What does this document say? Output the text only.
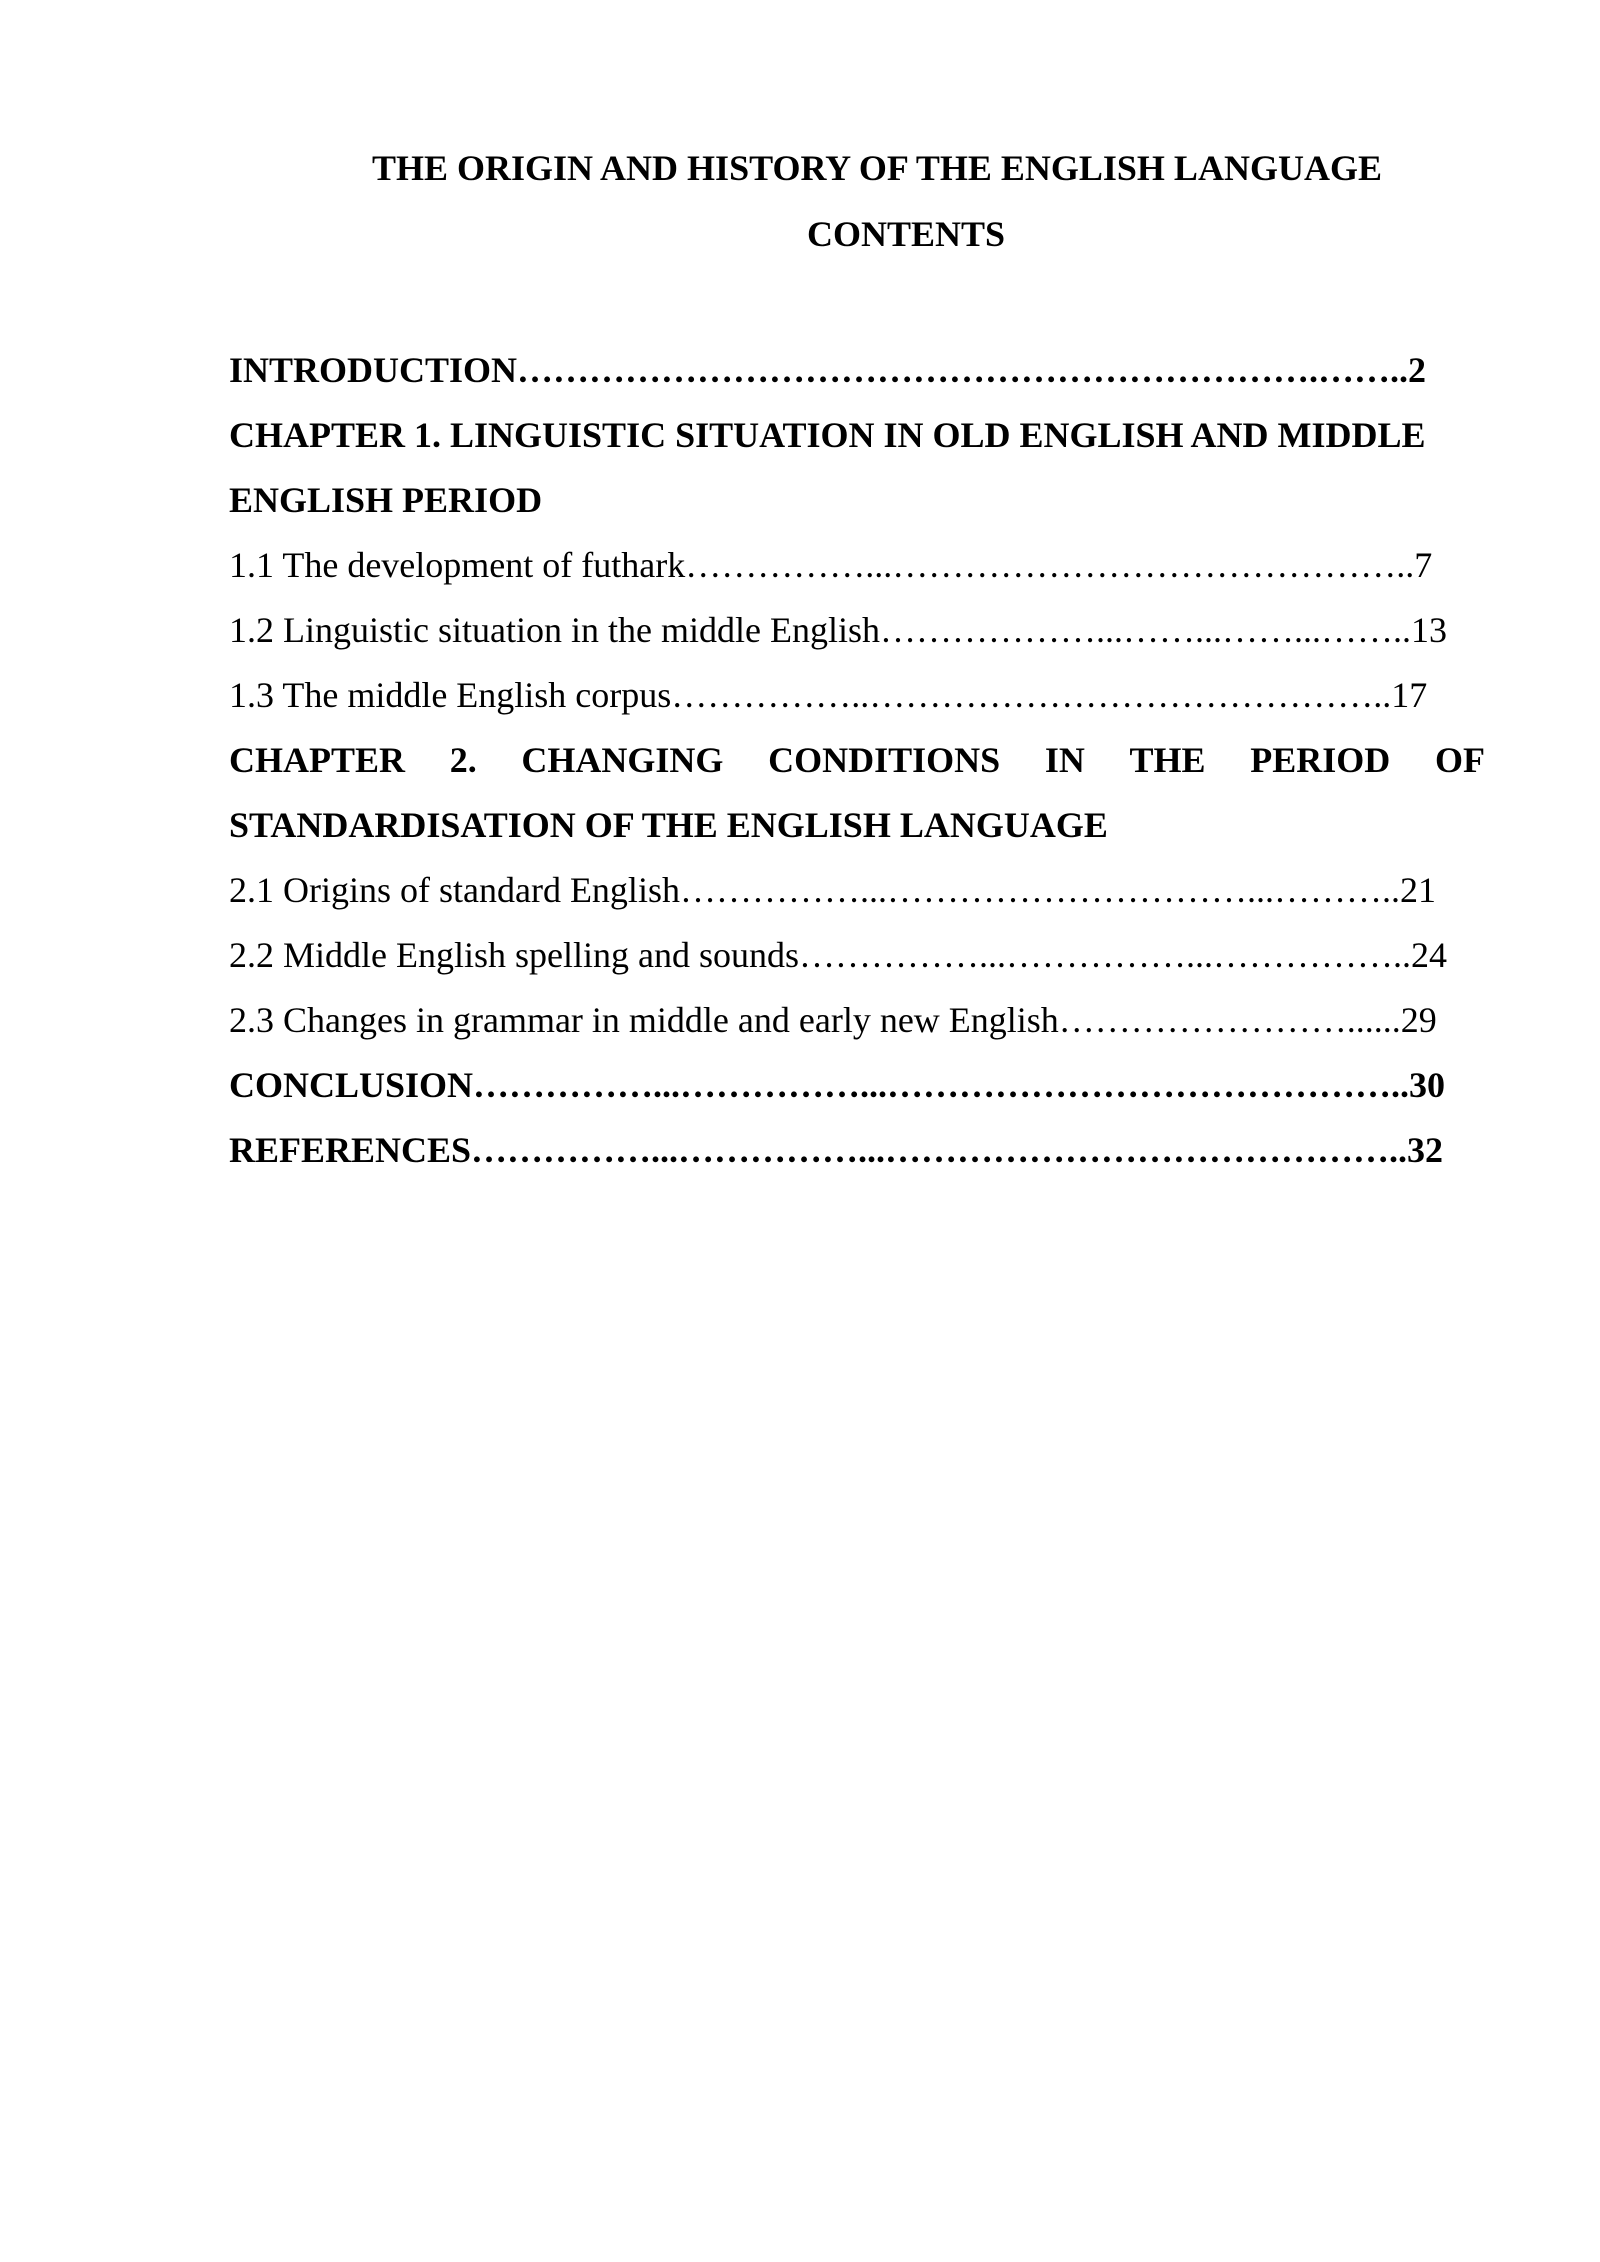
THE ORIGIN AND HISTORY OF THE ENGLISH LANGUAGE
CONTENTS
INTRODUCTION………………………………………………………….……..2
CHAPTER 1. LINGUISTIC SITUATION IN OLD ENGLISH AND MIDDLE
ENGLISH PERIOD
1.1 The development of futhark……………...……………………………………..7
1.2 Linguistic situation in the middle English………………...……...……...……..13
1.3 The middle English corpus……………..……………………………………..17
CHAPTER 2. CHANGING CONDITIONS IN THE PERIOD OF
STANDARDISATION OF THE ENGLISH LANGUAGE
2.1 Origins of standard English……………...…………………………...………..21
2.2 Middle English spelling and sounds……………...……………...……………..24
2.3 Changes in grammar in middle and early new English……………………......29
CONCLUSION……………...……………...……………………………………..30
REFERENCES……………...……………...……………………………………..32
